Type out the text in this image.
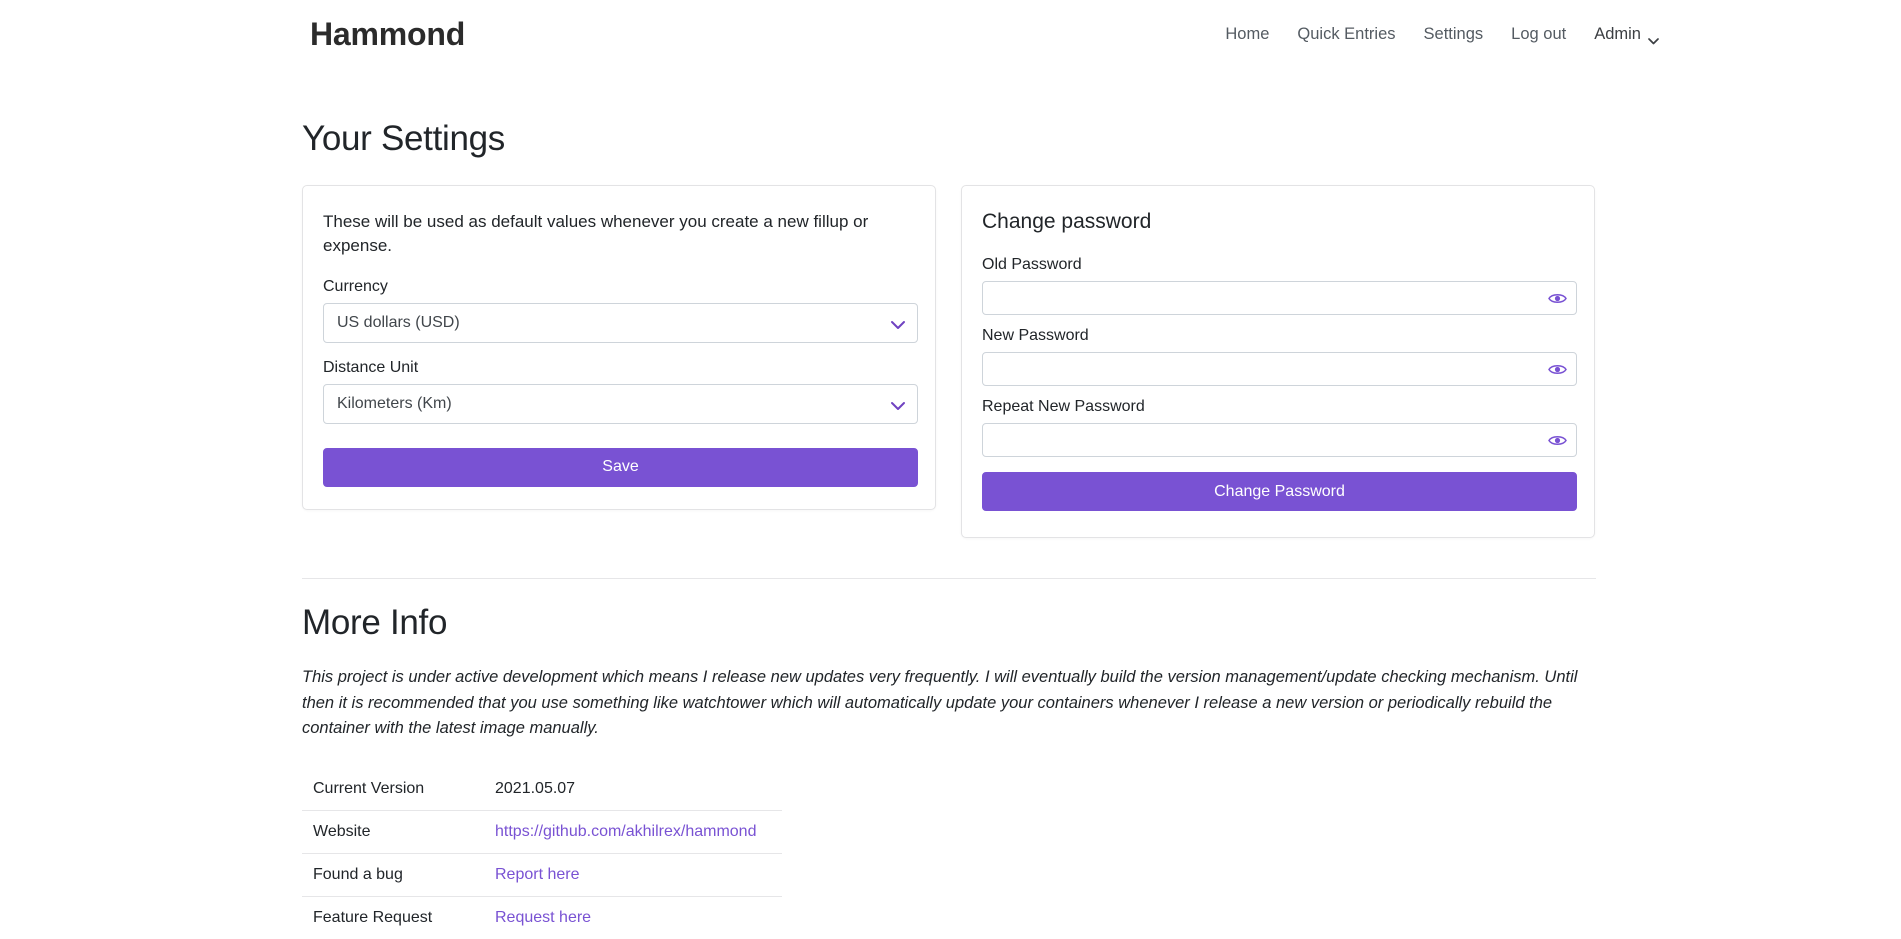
Hammond	Home	Quick Entries	Settings	Log out	Admin
Your Settings

These will be used as default values whenever you create a new fillup or expense.

Currency
US dollars (USD)
Distance Unit
Kilometers (Km)
Save
Change password
Old Password
New Password
Repeat New Password
Change Password
More Info

This project is under active development which means I release new updates very frequently. I will eventually build the version management/update checking mechanism. Until then it is recommended that you use something like watchtower which will automatically update your containers whenever I release a new version or periodically rebuild the container with the latest image manually.

Current Version	2021.05.07
Website	https://github.com/akhilrex/hammond
Found a bug	Report here
Feature Request	Request here
